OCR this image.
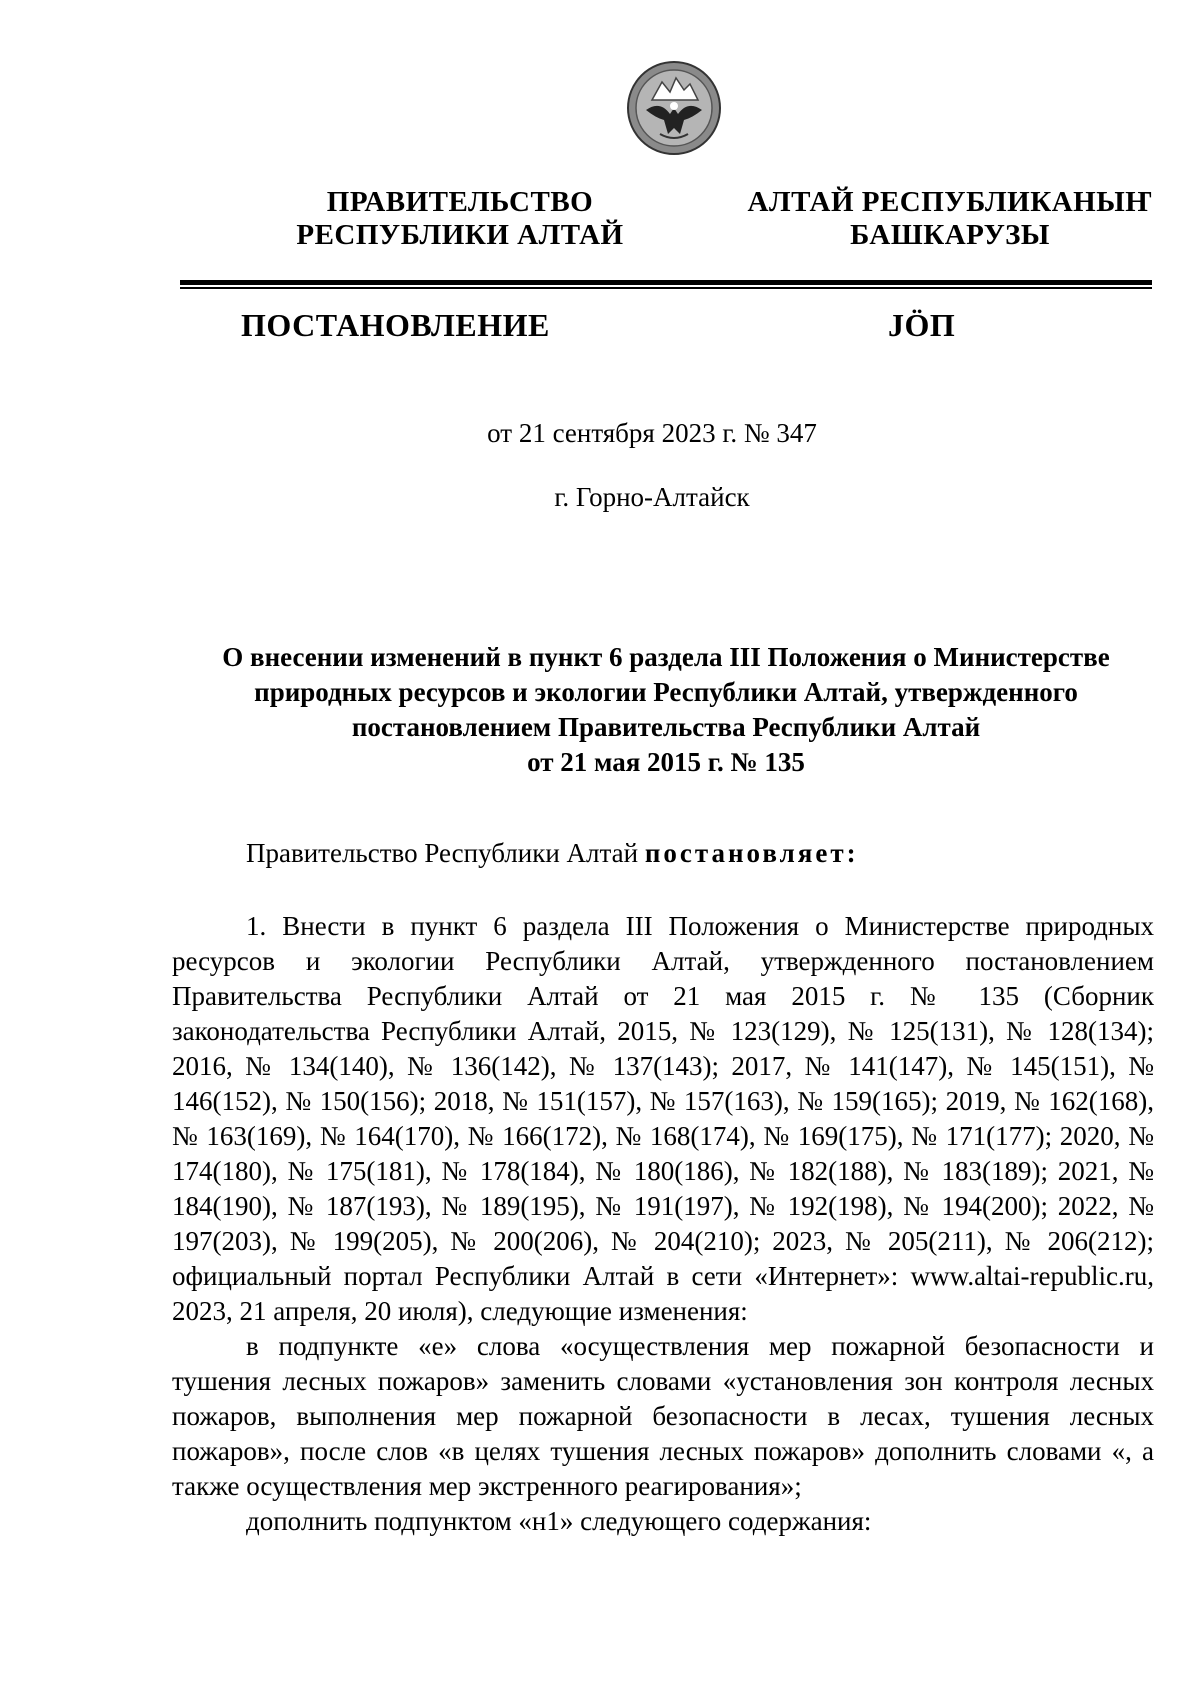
ПРАВИТЕЛЬСТВО
РЕСПУБЛИКИ АЛТАЙ
АЛТАЙ РЕСПУБЛИКАНЫҤ
БАШКАРУЗЫ
ПОСТАНОВЛЕНИЕ	JӦП
от 21 сентября 2023 г. № 347
г. Горно-Алтайск
О внесении изменений в пункт 6 раздела III Положения о Министерстве
природных ресурсов и экологии Республики Алтай, утвержденного
постановлением Правительства Республики Алтай
от 21 мая 2015 г. № 135

Правительство Республики Алтай постановляет:

1. Внести в пункт 6 раздела III Положения о Министерстве природных ресурсов и экологии Республики Алтай, утвержденного постановлением Правительства Республики Алтай от 21 мая 2015 г. № 135 (Сборник законодательства Республики Алтай, 2015, № 123(129), № 125(131), № 128(134); 2016, № 134(140), № 136(142), № 137(143); 2017, № 141(147), № 145(151), № 146(152), № 150(156); 2018, № 151(157), № 157(163), № 159(165); 2019, № 162(168), № 163(169), № 164(170), № 166(172), № 168(174), № 169(175), № 171(177); 2020, № 174(180), № 175(181), № 178(184), № 180(186), № 182(188), № 183(189); 2021, № 184(190), № 187(193), № 189(195), № 191(197), № 192(198), № 194(200); 2022, № 197(203), № 199(205), № 200(206), № 204(210); 2023, № 205(211), № 206(212); официальный портал Республики Алтай в сети «Интернет»: www.altai-republic.ru, 2023, 21 апреля, 20 июля), следующие изменения:

в подпункте «е» слова «осуществления мер пожарной безопасности и тушения лесных пожаров» заменить словами «установления зон контроля лесных пожаров, выполнения мер пожарной безопасности в лесах, тушения лесных пожаров», после слов «в целях тушения лесных пожаров» дополнить словами «, а также осуществления мер экстренного реагирования»;

дополнить подпунктом «н1» следующего содержания:
